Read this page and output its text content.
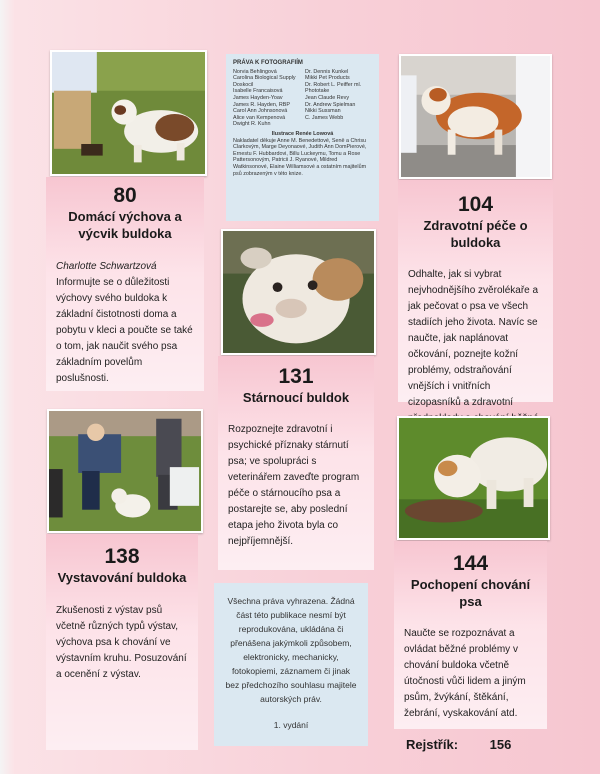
PRÁVA K FOTOGRAFIÍM
Norvia Behlingová
Carolina Biological Supply
Doskocil
Isabelle Francaisová
James Hayden-Yoav
James R. Hayden, RBP
Carol Ann Johnsonová
Alice van Kempenová
Dwight R. Kuhn
Dr. Dennis Kunkel
Mikki Pet Products
Dr. Robert L. Peiffer ml.
Phototake
Jean Claude Revy
Dr. Andrew Spielman
Nikki Sussman
C. James Webb
Ilustrace Renée Lowová
Nakladatel děkuje Anne M. Benedettové, Seně a Chrisu Clarkovým, Marge Deyonaové, Judith Ann DomPierové, Ernestu F. Hubbardovi, Billu Luckeymu, Tomu a Rose Pattersonovým, Patricii J. Ryanové, Mildred Watkinsonové, Elaine Williamsové a ostatním majitelům psů zobrazeným v této knize.
80
Domácí výchova a výcvik buldoka
Charlotte Schwartzová
Informujte se o důležitosti výchovy svého buldoka k základní čistotnosti doma a pobytu v kleci a poučte se také o tom, jak naučit svého psa základním povelům poslušnosti.
104
Zdravotní péče o buldoka
Odhalte, jak si vybrat nejvhodnějšího zvěrolékaře a jak pečovat o psa ve všech stadiích jeho života. Navíc se naučte, jak naplánovat očkování, poznejte kožní problémy, odstraňování vnějších i vnitřních cizopasníků a zdravotní
131
Stárnoucí buldok
Rozpoznejte zdravotní i psychické příznaky stárnutí psa; ve spolupráci s veterinářem zaveďte program péče o stárnoucího psa a postarejte se, aby poslední etapa jeho života byla co nejpříjemnější.
138
Vystavování buldoka
Zkušenosti z výstav psů včetně různých typů výstav, výchova psa k chování ve výstavním kruhu. Posuzování a ocenění z výstav.
144
Pochopení chování psa
Naučte se rozpoznávat a ovládat běžné problémy v chování buldoka včetně útočnosti vůči lidem a jiným psům, žvýkání, štěkání, žebrání, vyskakování atd.
Všechna práva vyhrazena. Žádná část této publikace nesmí být reprodukována, ukládána či přenášena jakýmkoli způsobem, elektronicky, mechanicky, fotokopiemi, záznamem či jinak bez předchozího souhlasu majitele autorských práv.
1. vydání
Rejstřík: 156
